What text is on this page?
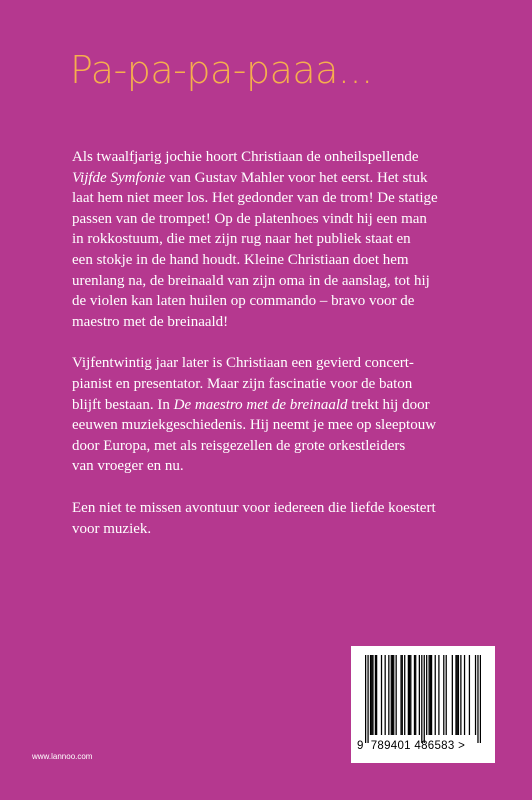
Pa-pa-pa-paaa...

Als twaalfjarig jochie hoort Christiaan de onheilspellende
Vijfde Symfonie van Gustav Mahler voor het eerst. Het stuk
laat hem niet meer los. Het gedonder van de trom! De statige
passen van de trompet! Op de platenhoes vindt hij een man
in rokkostuum, die met zijn rug naar het publiek staat en
een stokje in de hand houdt. Kleine Christiaan doet hem
urenlang na, de breinaald van zijn oma in de aanslag, tot hij
de violen kan laten huilen op commando – bravo voor de
maestro met de breinaald!

Vijfentwintig jaar later is Christiaan een gevierd concert-
pianist en presentator. Maar zijn fascinatie voor de baton
blijft bestaan. In De maestro met de breinaald trekt hij door
eeuwen muziekgeschiedenis. Hij neemt je mee op sleeptouw
door Europa, met als reisgezellen de grote orkestleiders
van vroeger en nu.

Een niet te missen avontuur voor iedereen die liefde koestert
voor muziek.

www.lannoo.com
9 789401 486583 >
